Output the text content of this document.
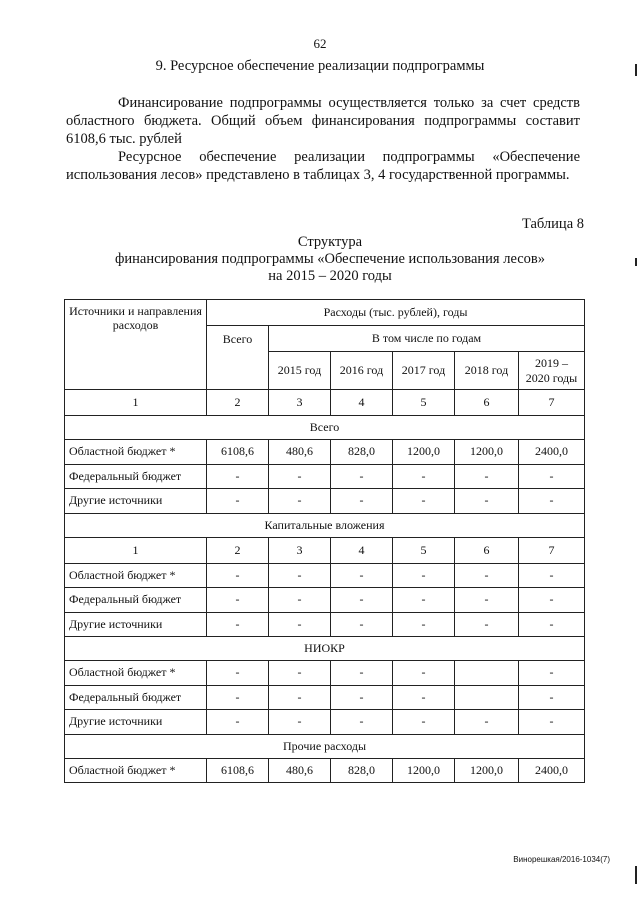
62
9. Ресурсное обеспечение реализации подпрограммы

Финансирование подпрограммы осуществляется только за счет средств областного бюджета. Общий объем финансирования подпрограммы составит 6108,6 тыс. рублей

Ресурсное обеспечение реализации подпрограммы «Обеспечение использования лесов» представлено в таблицах 3, 4 государственной программы.

Таблица 8
Структура
финансирования подпрограммы «Обеспечение использования лесов»
на 2015 – 2020 годы
Источники и направления расходов	Расходы (тыс. рублей), годы					
	Всего	В том числе по годам				
		2015 год	2016 год	2017 год	2018 год	2019 – 2020 годы
1	2	3	4	5	6	7
Всего						
Областной бюджет *	6108,6	480,6	828,0	1200,0	1200,0	2400,0
Федеральный бюджет	-	-	-	-	-	-
Другие источники	-	-	-	-	-	-
Капитальные вложения						
1	2	3	4	5	6	7
Областной бюджет *	-	-	-	-	-	-
Федеральный бюджет	-	-	-	-	-	-
Другие источники	-	-	-	-	-	-
НИОКР						
Областной бюджет *	-	-	-	-		-
Федеральный бюджет	-	-	-	-		-
Другие источники	-	-	-	-	-	-
Прочие расходы						
Областной бюджет *	6108,6	480,6	828,0	1200,0	1200,0	2400,0
Винорешкая/2016-1034(7)
